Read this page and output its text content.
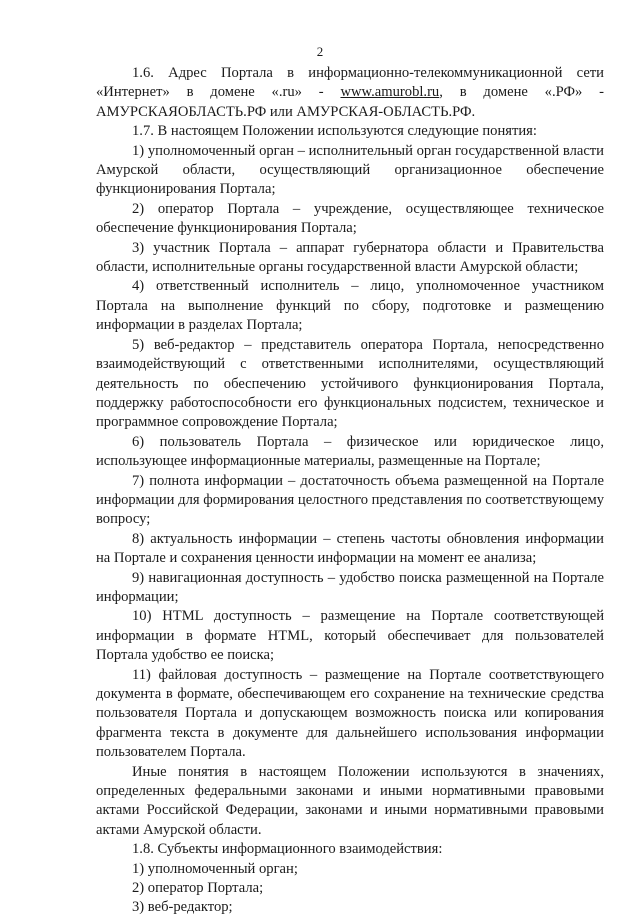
2

1.6. Адрес Портала в информационно-телекоммуникационной сети «Интернет» в домене «.ru» - www.amurobl.ru, в домене «.РФ» - АМУРСКАЯОБЛАСТЬ.РФ или АМУРСКАЯ-ОБЛАСТЬ.РФ.

1.7. В настоящем Положении используются следующие понятия:

1) уполномоченный орган – исполнительный орган государственной власти Амурской области, осуществляющий организационное обеспечение функционирования Портала;

2) оператор Портала – учреждение, осуществляющее техническое обеспечение функционирования Портала;

3) участник Портала – аппарат губернатора области и Правительства области, исполнительные органы государственной власти Амурской области;

4) ответственный исполнитель – лицо, уполномоченное участником Портала на выполнение функций по сбору, подготовке и размещению информации в разделах Портала;

5) веб-редактор – представитель оператора Портала, непосредственно взаимодействующий с ответственными исполнителями, осуществляющий деятельность по обеспечению устойчивого функционирования Портала, поддержку работоспособности его функциональных подсистем, техническое и программное сопровождение Портала;

6) пользователь Портала – физическое или юридическое лицо, использующее информационные материалы, размещенные на Портале;

7) полнота информации – достаточность объема размещенной на Портале информации для формирования целостного представления по соответствующему вопросу;

8) актуальность информации – степень частоты обновления информации на Портале и сохранения ценности информации на момент ее анализа;

9) навигационная доступность – удобство поиска размещенной на Портале информации;

10) HTML доступность – размещение на Портале соответствующей информации в формате HTML, который обеспечивает для пользователей Портала удобство ее поиска;

11) файловая доступность – размещение на Портале соответствующего документа в формате, обеспечивающем его сохранение на технические средства пользователя Портала и допускающем возможность поиска или копирования фрагмента текста в документе для дальнейшего использования информации пользователем Портала.

Иные понятия в настоящем Положении используются в значениях, определенных федеральными законами и иными нормативными правовыми актами Российской Федерации, законами и иными нормативными правовыми актами Амурской области.

1.8. Субъекты информационного взаимодействия:

1) уполномоченный орган;

2) оператор Портала;

3) веб-редактор;
